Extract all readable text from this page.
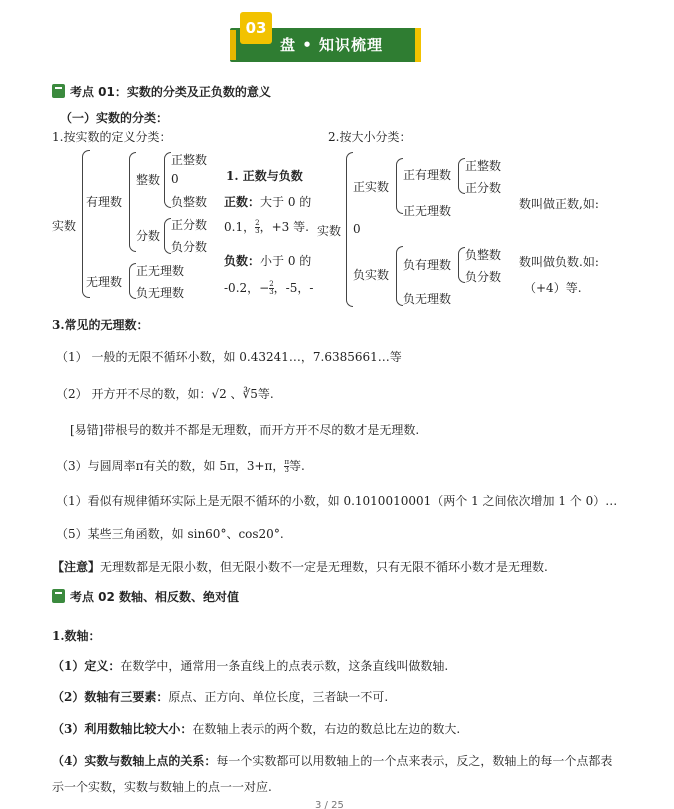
03
盘 • 知识梳理
考点 01：实数的分类及正负数的意义
（一）实数的分类：
1.按实数的定义分类：	2.按大小分类：
实数
有理数
整数
正整数
0
负整数
分数
正分数
负分数
无理数
正无理数
负无理数
1. 正数与负数
正数：大于 0 的
0.1， $\frac{2}{3}$ ，+3 等.
负数：小于 0 的
-0.2，− $\frac{2}{3}$ ，-5，-
实数
正实数
正有理数
正整数
正分数
正无理数
0
负实数
负有理数
负整数
负分数
负无理数
数叫做正数,如:
数叫做负数.如:
（+4）等.
3.常见的无理数：
（1） 一般的无限不循环小数，如 0.43241…，7.6385661…等
（2） 开方开不尽的数，如：√2 、∛5等.
[易错]带根号的数并不都是无理数，而开方开不尽的数才是无理数.
（3）与圆周率π有关的数，如 5π，3+π， $\frac{\pi}{3}$ 等.
（1）看似有规律循环实际上是无限不循环的小数，如 0.1010010001（两个 1 之间依次增加 1 个 0）…
（5）某些三角函数，如 sin60°、cos20°.
【注意】无理数都是无限小数，但无限小数不一定是无理数，只有无限不循环小数才是无理数.
考点 02 数轴、相反数、绝对值
1.数轴：
（1）定义：在数学中，通常用一条直线上的点表示数，这条直线叫做数轴.
（2）数轴有三要素：原点、正方向、单位长度，三者缺一不可.
（3）利用数轴比较大小：在数轴上表示的两个数，右边的数总比左边的数大.
（4）实数与数轴上点的关系：每一个实数都可以用数轴上的一个点来表示，反之，数轴上的每一个点都表
示一个实数，实数与数轴上的点一一对应.
3 / 25
